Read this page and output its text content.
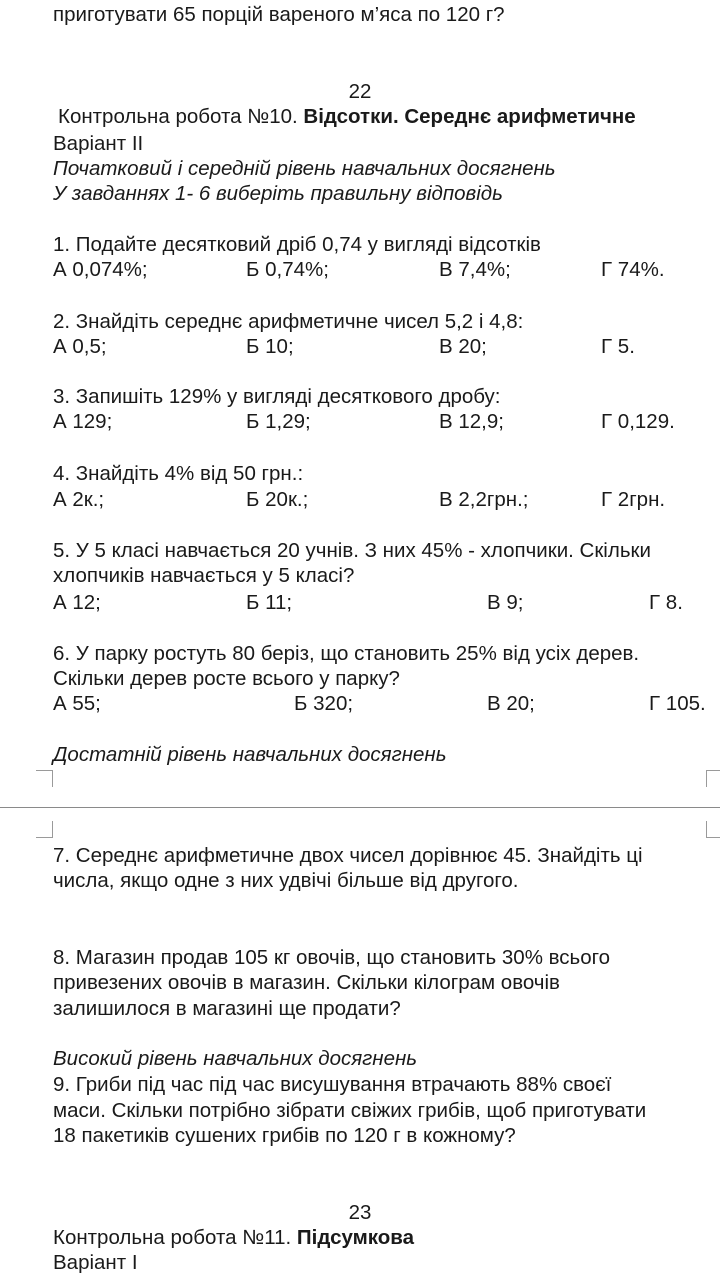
приготувати 65 порцій вареного м’яса по 120 г?
22
Контрольна робота №10. Відсотки. Середнє арифметичне
Варіант ІІ
Початковий і середній рівень навчальних досягнень
У завданнях 1- 6 виберіть правильну відповідь
1. Подайте десятковий дріб 0,74 у вигляді відсотків
А 0,074%;	Б 0,74%;	В 7,4%;	Г 74%.
2. Знайдіть середнє арифметичне чисел 5,2 і 4,8:
А 0,5;	Б 10;	В 20;	Г 5.
3. Запишіть 129% у вигляді десяткового дробу:
А 129;	Б 1,29;	В 12,9;	Г 0,129.
4. Знайдіть 4% від 50 грн.:
А 2к.;	Б 20к.;	В 2,2грн.;	Г 2грн.
5. У 5 класі навчається 20 учнів. З них 45% - хлопчики. Скільки
хлопчиків навчається у 5 класі?
А 12;	Б 11;	В 9;	Г 8.
6. У парку ростуть 80 беріз, що становить 25% від усіх дерев.
Скільки дерев росте всього у парку?
А 55;	Б 320;	В 20;	Г 105.
Достатній рівень навчальних досягнень
7. Середнє арифметичне двох чисел дорівнює 45. Знайдіть ці
числа, якщо одне з них удвічі більше від другого.
8. Магазин продав 105 кг овочів, що становить 30% всього
привезених овочів в магазин. Скільки кілограм овочів
залишилося в магазині ще продати?
Високий рівень навчальних досягнень
9. Гриби під час під час висушування втрачають 88% своєї
маси. Скільки потрібно зібрати свіжих грибів, щоб приготувати
18 пакетиків сушених грибів по 120 г в кожному?
23
Контрольна робота №11. Підсумкова
Варіант І
